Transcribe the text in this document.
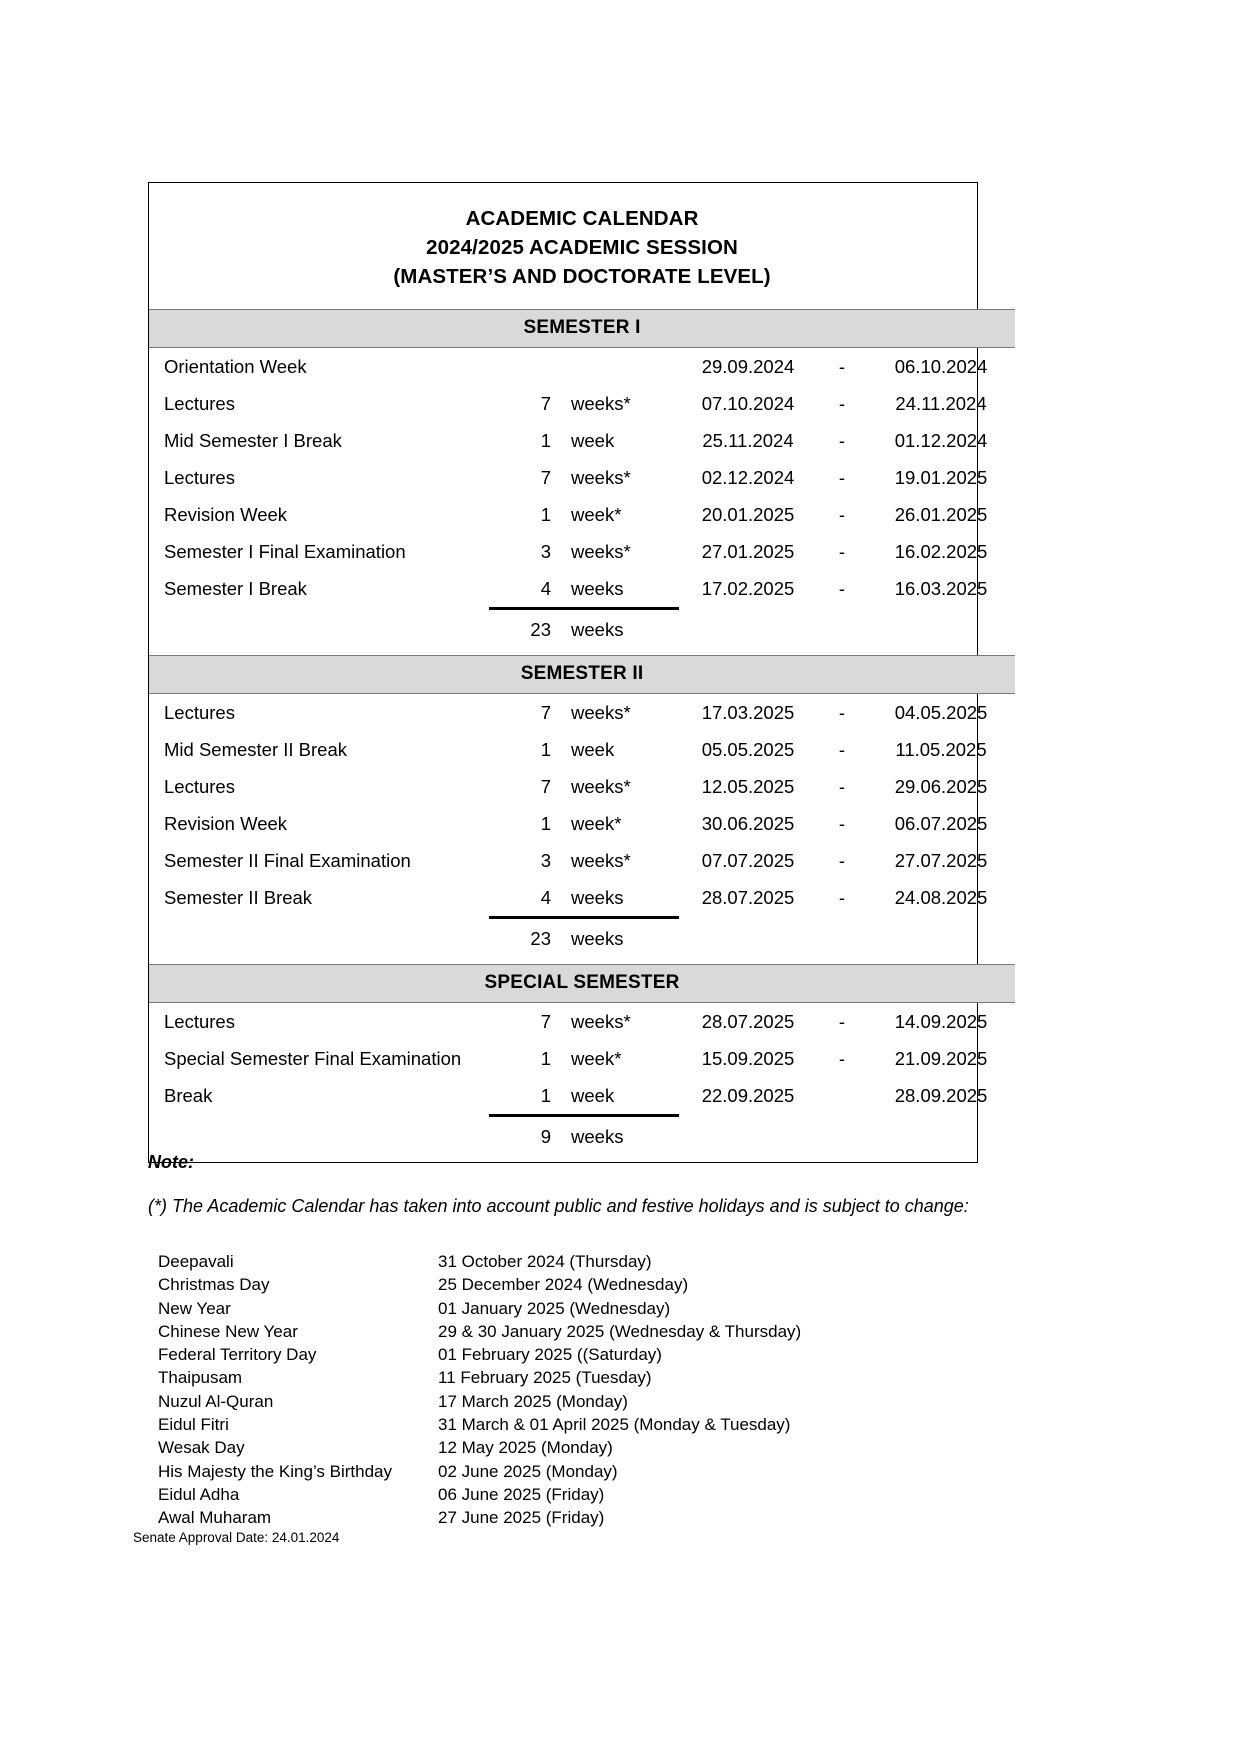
ACADEMIC CALENDAR
2024/2025 ACADEMIC SESSION
(MASTER’S AND DOCTORATE LEVEL)					

SEMESTER I					
Orientation Week			29.09.2024	-	06.10.2024
Lectures	7	weeks*	07.10.2024	-	24.11.2024
Mid Semester I Break	1	week	25.11.2024	-	01.12.2024
Lectures	7	weeks*	02.12.2024	-	19.01.2025
Revision Week	1	week*	20.01.2025	-	26.01.2025
Semester I Final Examination	3	weeks*	27.01.2025	-	16.02.2025
Semester I Break	4	weeks	17.02.2025	-	16.03.2025
	23	weeks			

SEMESTER II					
Lectures	7	weeks*	17.03.2025	-	04.05.2025
Mid Semester II Break	1	week	05.05.2025	-	11.05.2025
Lectures	7	weeks*	12.05.2025	-	29.06.2025
Revision Week	1	week*	30.06.2025	-	06.07.2025
Semester II Final Examination	3	weeks*	07.07.2025	-	27.07.2025
Semester II Break	4	weeks	28.07.2025	-	24.08.2025
	23	weeks			

SPECIAL SEMESTER					
Lectures	7	weeks*	28.07.2025	-	14.09.2025
Special Semester Final Examination	1	week*	15.09.2025	-	21.09.2025
Break	1	week	22.09.2025		28.09.2025
	9	weeks			

Note:
(*) The Academic Calendar has taken into account public and festive holidays and is subject to change:
Deepavali	31 October 2024 (Thursday)
Christmas Day	25 December 2024 (Wednesday)
New Year	01 January 2025 (Wednesday)
Chinese New Year	29 & 30 January 2025 (Wednesday & Thursday)
Federal Territory Day	01 February 2025 ((Saturday)
Thaipusam	11 February 2025 (Tuesday)
Nuzul Al-Quran	17 March 2025 (Monday)
Eidul Fitri	31 March & 01 April 2025 (Monday & Tuesday)
Wesak Day	12 May 2025 (Monday)
His Majesty the King’s Birthday	02 June 2025 (Monday)
Eidul Adha	06 June 2025 (Friday)
Awal Muharam	27 June 2025 (Friday)
Senate Approval Date: 24.01.2024
